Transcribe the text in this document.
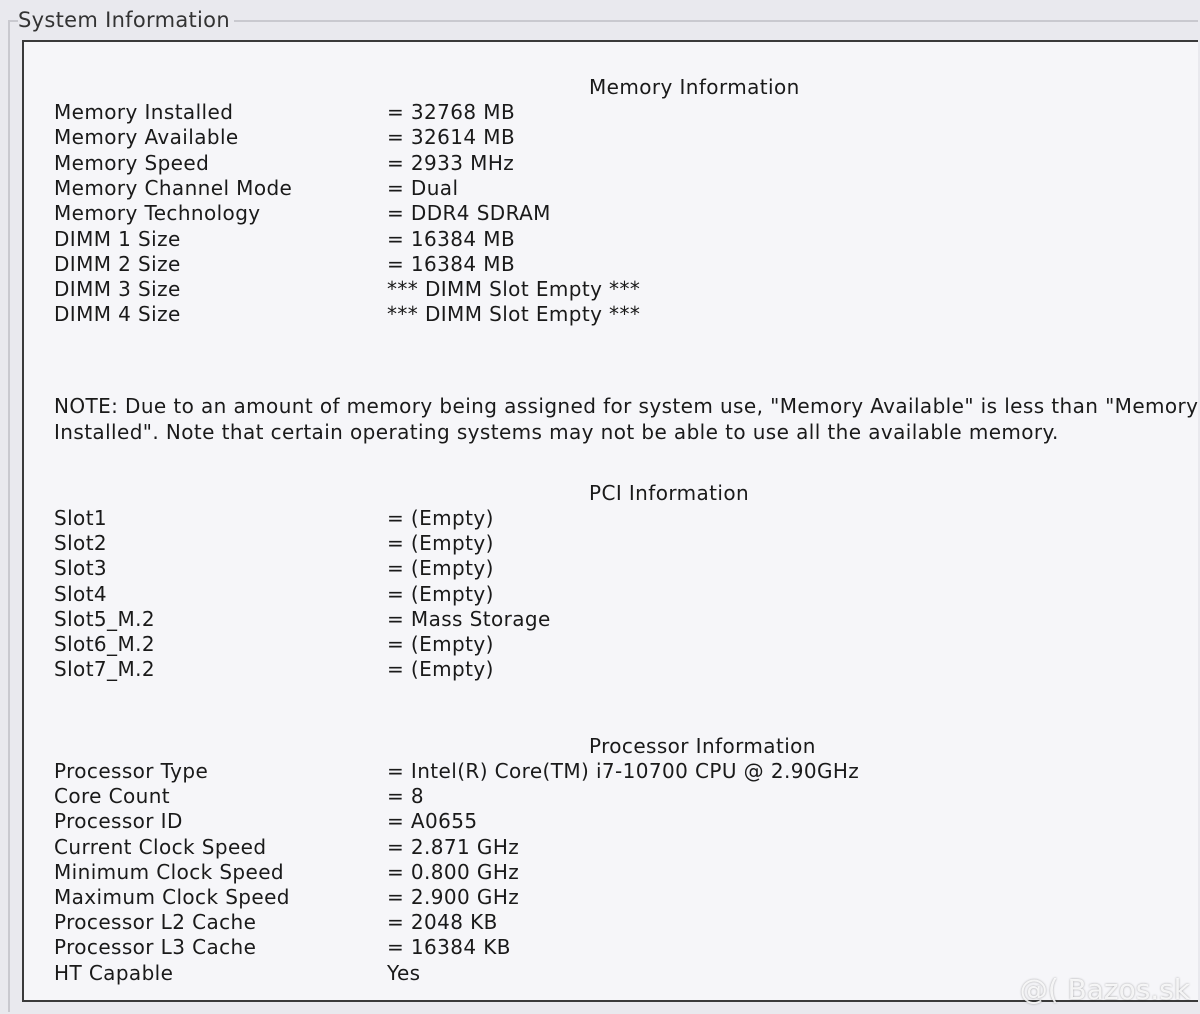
System Information
Memory Information
Memory Installed	= 32768 MB
Memory Available	= 32614 MB
Memory Speed	= 2933 MHz
Memory Channel Mode	= Dual
Memory Technology	= DDR4 SDRAM
DIMM 1 Size	= 16384 MB
DIMM 2 Size	= 16384 MB
DIMM 3 Size	*** DIMM Slot Empty ***
DIMM 4 Size	*** DIMM Slot Empty ***
NOTE: Due to an amount of memory being assigned for system use, "Memory Available" is less than "Memory Installed". Note that certain operating systems may not be able to use all the available memory.
PCI Information
Slot1	= (Empty)
Slot2	= (Empty)
Slot3	= (Empty)
Slot4	= (Empty)
Slot5_M.2	= Mass Storage
Slot6_M.2	= (Empty)
Slot7_M.2	= (Empty)
Processor Information
Processor Type	= Intel(R) Core(TM) i7-10700 CPU @ 2.90GHz
Core Count	= 8
Processor ID	= A0655
Current Clock Speed	= 2.871 GHz
Minimum Clock Speed	= 0.800 GHz
Maximum Clock Speed	= 2.900 GHz
Processor L2 Cache	= 2048 KB
Processor L3 Cache	= 16384 KB
HT Capable	Yes
@( Bazos.sk
